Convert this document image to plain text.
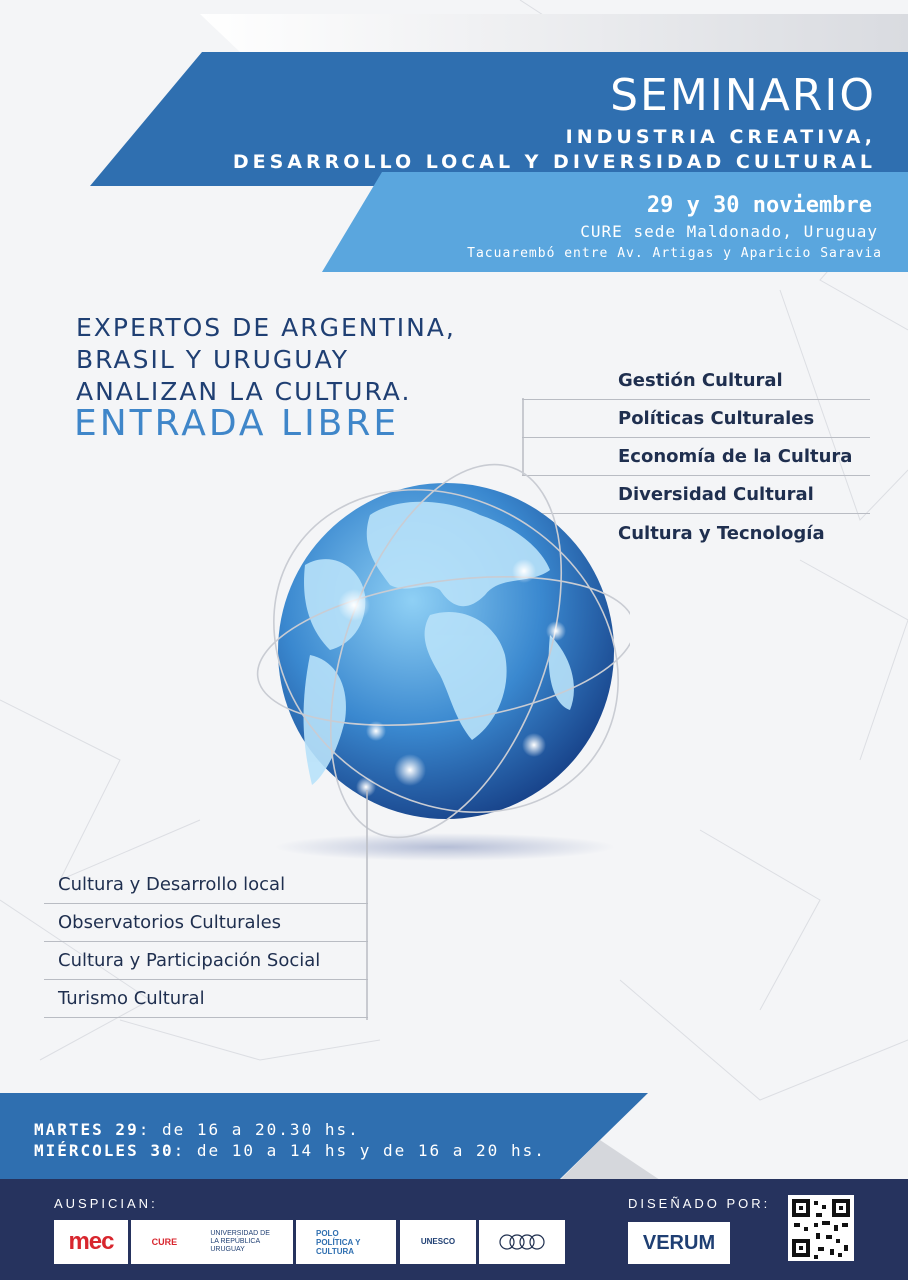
SEMINARIO
INDUSTRIA CREATIVA,
DESARROLLO LOCAL Y DIVERSIDAD CULTURAL
29 y 30 noviembre
CURE sede Maldonado, Uruguay
Tacuarembó entre Av. Artigas y Aparicio Saravia
EXPERTOS DE ARGENTINA,
BRASIL Y URUGUAY
ANALIZAN LA CULTURA.
ENTRADA LIBRE
Gestión Cultural
Políticas Culturales
Economía de la Cultura
Diversidad Cultural
Cultura y Tecnología
Cultura y Desarrollo local
Observatorios Culturales
Cultura y Participación Social
Turismo Cultural
MARTES 29: de 16 a 20.30 hs.
MIÉRCOLES 30: de 10 a 14 hs y de 16 a 20 hs.
AUSPICIAN:	DISEÑADO POR:
mec	CURE
UNIVERSIDAD DE LA REPÚBLICA URUGUAY
POLO POLÍTICA Y CULTURA
UNESCO	VERUM
